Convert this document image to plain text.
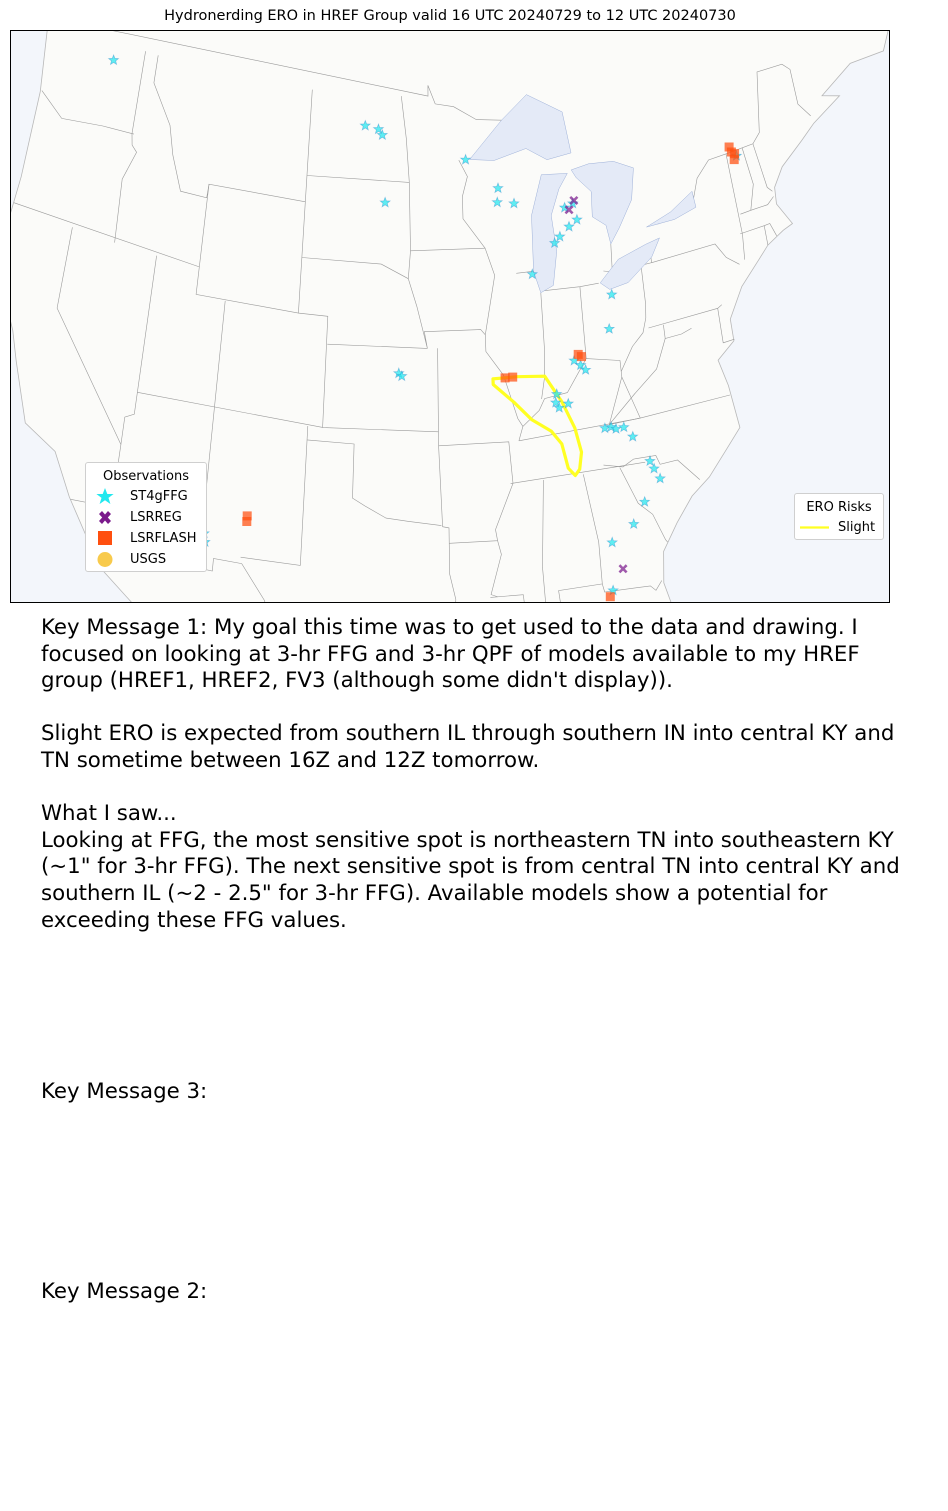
Hydronerding ERO in HREF Group valid 16 UTC 20240729 to 12 UTC 20240730
Observations
ST4gFFG
LSRREG
LSRFLASH
USGS
ERO Risks
Slight

Key Message 1: My goal this time was to get used to the data and drawing. I
focused on looking at 3-hr FFG and 3-hr QPF of models available to my HREF
group (HREF1, HREF2, FV3 (although some didn't display)).

Slight ERO is expected from southern IL through southern IN into central KY and
TN sometime between 16Z and 12Z tomorrow.

What I saw...
Looking at FFG, the most sensitive spot is northeastern TN into southeastern KY
(~1" for 3-hr FFG). The next sensitive spot is from central TN into central KY and
southern IL (~2 - 2.5" for 3-hr FFG). Available models show a potential for
exceeding these FFG values.

Key Message 3:
Key Message 2:
